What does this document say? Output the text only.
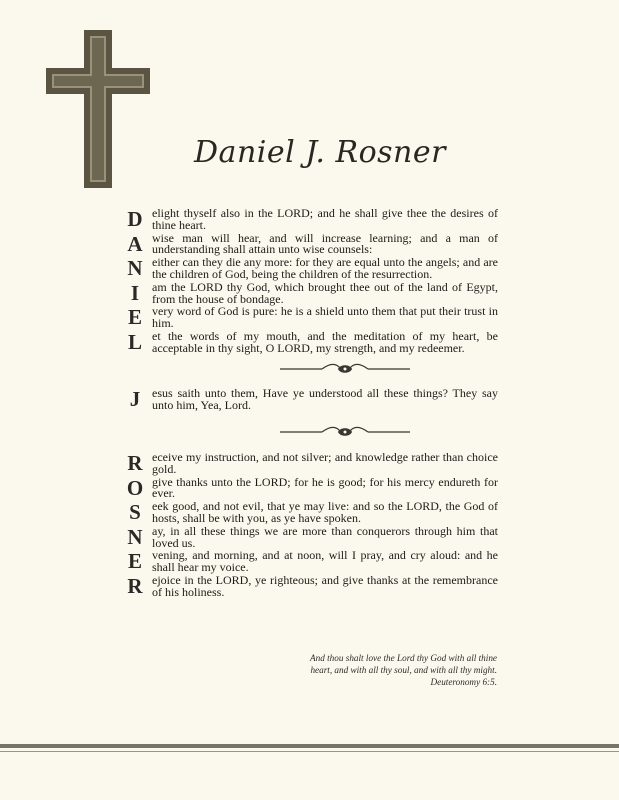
Daniel J. Rosner
D elight thyself also in the LORD; and he shall give thee the desires of thine heart.
A wise man will hear, and will increase learning; and a man of understanding shall attain unto wise counsels:
N either can they die any more: for they are equal unto the angels; and are the children of God, being the children of the resurrection.
I	am the LORD thy God, which brought thee out of the land of Egypt, from the house of bondage.
E very word of God is pure: he is a shield unto them that put their trust in him.
L et the words of my mouth, and the meditation of my heart, be acceptable in thy sight, O LORD, my strength, and my redeemer.
J esus saith unto them, Have ye understood all these things? They say unto him, Yea, Lord.
R eceive my instruction, and not silver; and knowledge rather than choice gold.
O give thanks unto the LORD; for he is good; for his mercy endureth for ever.
S eek good, and not evil, that ye may live: and so the LORD, the God of hosts, shall be with you, as ye have spoken.
N ay, in all these things we are more than conquerors through him that loved us.
E vening, and morning, and at noon, will I pray, and cry aloud: and he shall hear my voice.
R ejoice in the LORD, ye righteous; and give thanks at the remembrance of his holiness.
And thou shalt love the Lord thy God with all thine
heart, and with all thy soul, and with all thy might.
Deuteronomy 6:5.
